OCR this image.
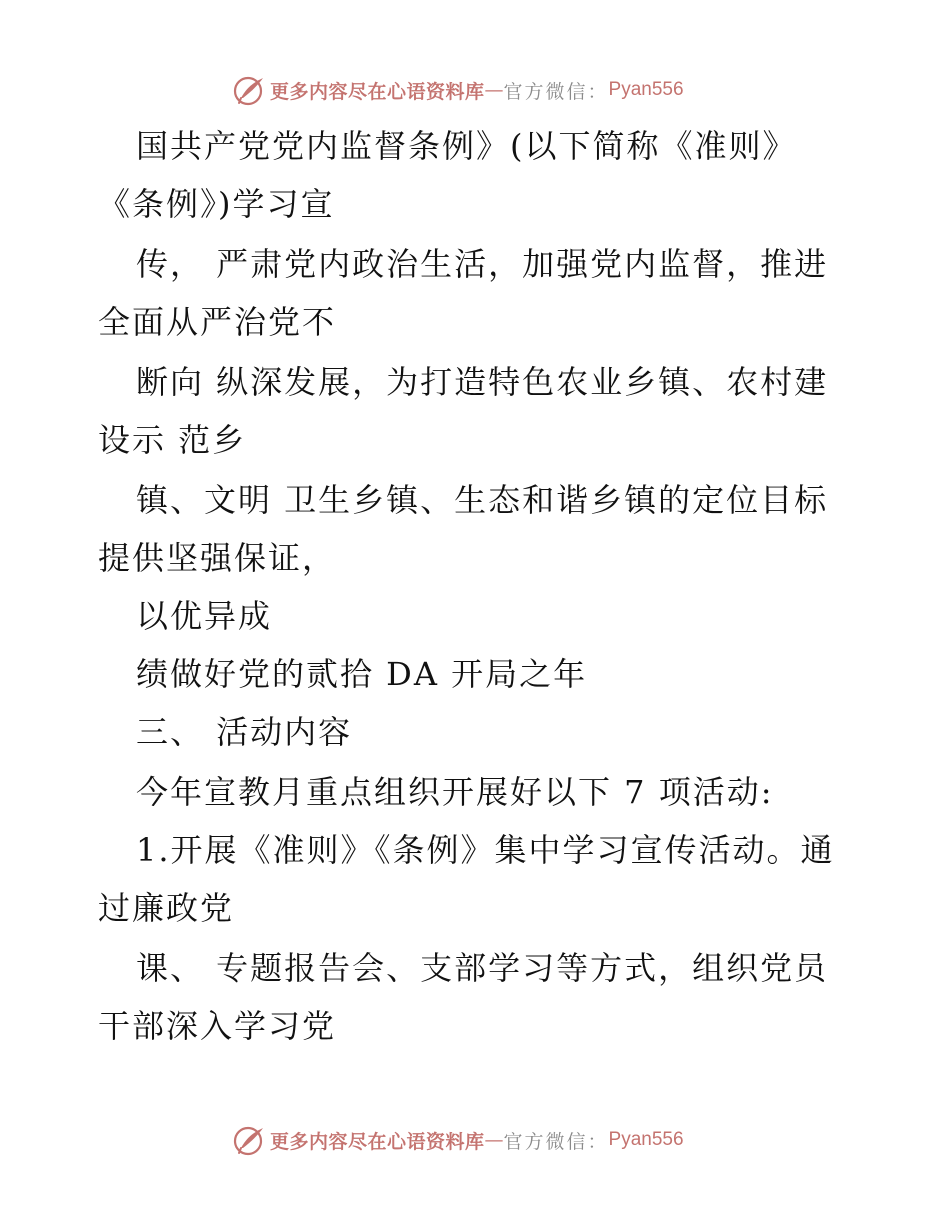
更多内容尽在心语资料库 — 官方微信： Pyan556
国共产党党内监督条例》(以下简称《准则》
《条例》)学习宣
传， 严肃党内政治生活，加强党内监督，推进
全面从严治党不
断向 纵深发展，为打造特色农业乡镇、农村建
设示 范乡
镇、文明 卫生乡镇、生态和谐乡镇的定位目标
提供坚强保证，
以优异成
绩做好党的贰拾 DA 开局之年
三、 活动内容
今年宣教月重点组织开展好以下 7 项活动:
1.开展《准则》《条例》集中学习宣传活动。通
过廉政党
课、 专题报告会、支部学习等方式，组织党员
干部深入学习党
更多内容尽在心语资料库 — 官方微信： Pyan556
